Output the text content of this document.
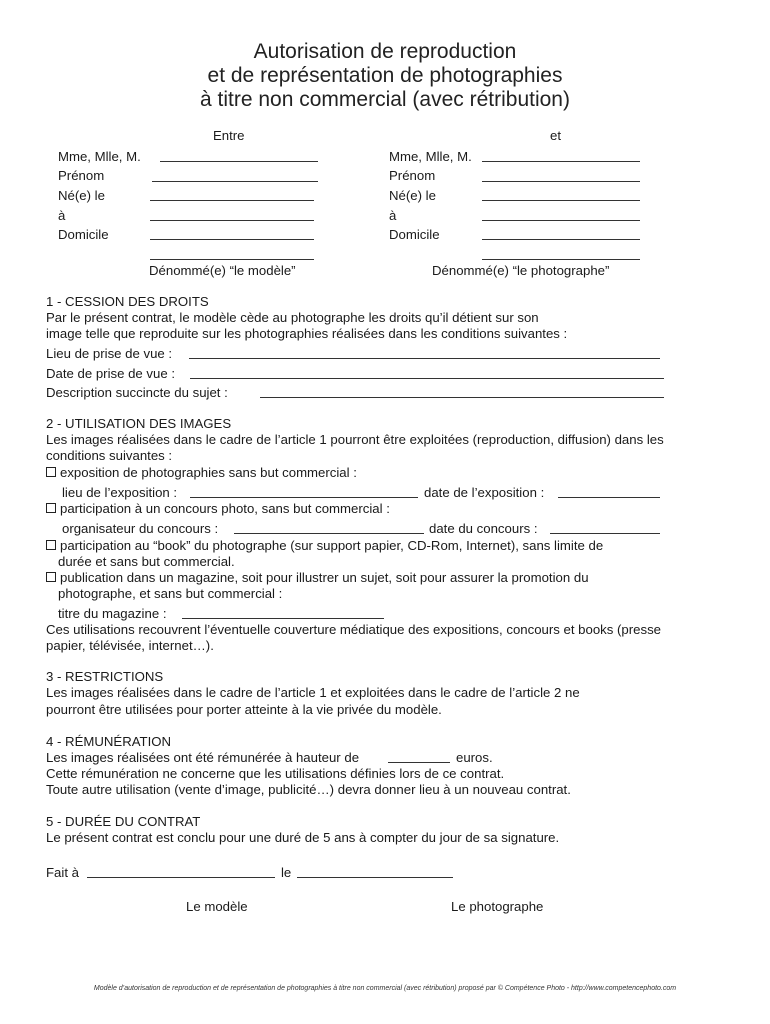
Autorisation de reproduction
et de représentation de photographies
à titre non commercial (avec rétribution)
Entre
Mme, Mlle, M.
Prénom
Né(e) le
à
Domicile
Dénommé(e) “le modèle”
et
Mme, Mlle, M.
Prénom
Né(e) le
à
Domicile
Dénommé(e) “le photographe”
1 - CESSION DES DROITS
Par le présent contrat, le modèle cède au photographe les droits qu’il détient sur son
image telle que reproduite sur les photographies réalisées dans les conditions suivantes :
Lieu de prise de vue :
Date de prise de vue :
Description succincte du sujet :
2 - UTILISATION DES IMAGES
Les images réalisées dans le cadre de l’article 1 pourront être exploitées (reproduction, diffusion) dans les
conditions suivantes :
exposition de photographies sans but commercial :
lieu de l’exposition :	date de l’exposition :
participation à un concours photo, sans but commercial :
organisateur du concours :	date du concours :
participation au “book” du photographe (sur support papier, CD-Rom, Internet), sans limite de
durée et sans but commercial.
publication dans un magazine, soit pour illustrer un sujet, soit pour assurer la promotion du
photographe, et sans but commercial :
titre du magazine :
Ces utilisations recouvrent l’éventuelle couverture médiatique des expositions, concours et books (presse
papier, télévisée, internet…).
3 - RESTRICTIONS
Les images réalisées dans le cadre de l’article 1 et exploitées dans le cadre de l’article 2 ne
pourront être utilisées pour porter atteinte à la vie privée du modèle.
4 - RÉMUNÉRATION
Les images réalisées ont été rémunérée à hauteur de	euros.
Cette rémunération ne concerne que les utilisations définies lors de ce contrat.
Toute autre utilisation (vente d’image, publicité…) devra donner lieu à un nouveau contrat.
5 - DURÉE DU CONTRAT
Le présent contrat est conclu pour une duré de 5 ans à compter du jour de sa signature.
Fait à	le
Le modèle	Le photographe
Modèle d’autorisation de reproduction et de représentation de photographies à titre non commercial (avec rétribution) proposé par © Compétence Photo - http://www.competencephoto.com
